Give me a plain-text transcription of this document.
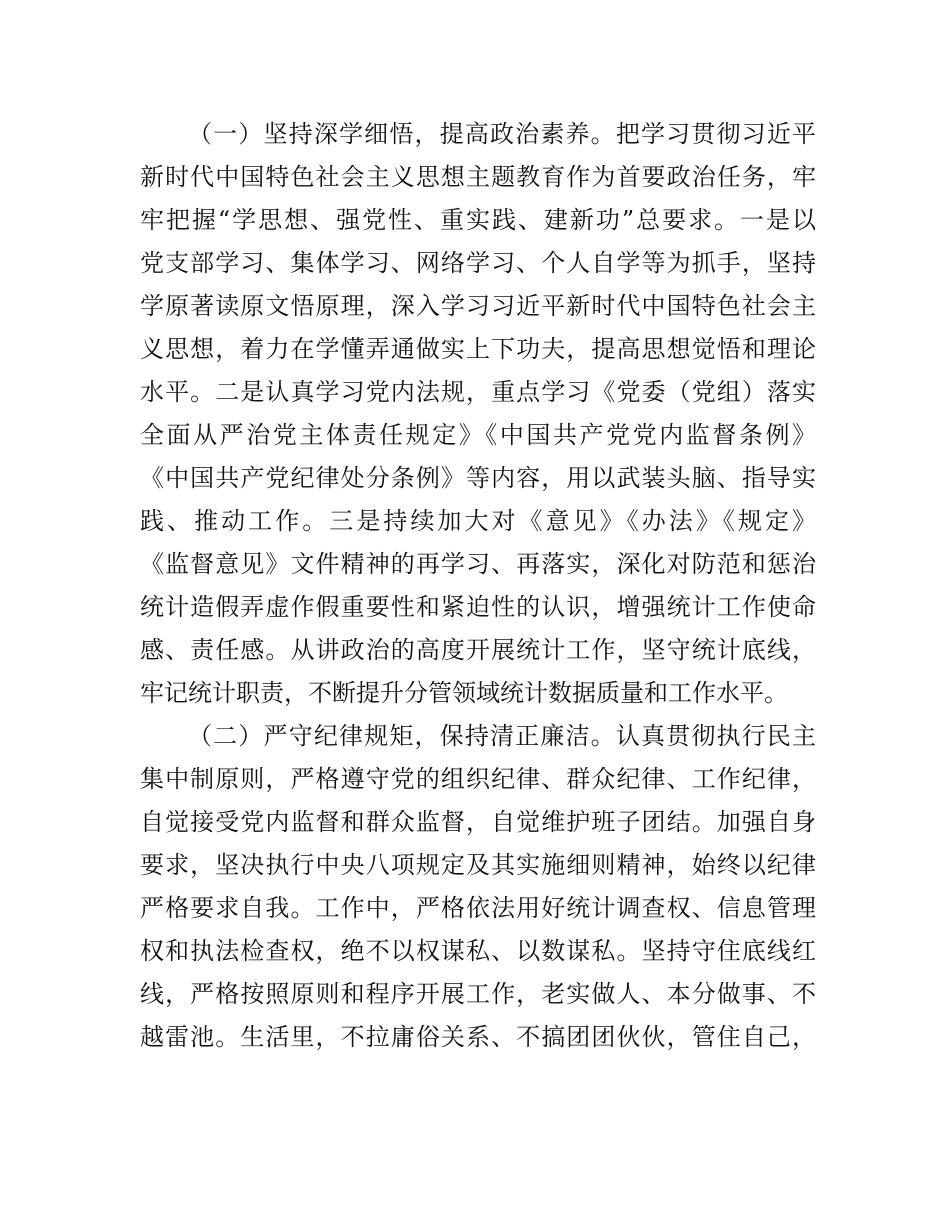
（一）坚持深学细悟，提高政治素养。把学习贯彻习近平
新时代中国特色社会主义思想主题教育作为首要政治任务，牢
牢把握“学思想、强党性、重实践、建新功”总要求。一是以
党支部学习、集体学习、网络学习、个人自学等为抓手，坚持
学原著读原文悟原理，深入学习习近平新时代中国特色社会主
义思想，着力在学懂弄通做实上下功夫，提高思想觉悟和理论
水平。二是认真学习党内法规，重点学习《党委（党组）落实
全面从严治党主体责任规定》《中国共产党党内监督条例》
《中国共产党纪律处分条例》等内容，用以武装头脑、指导实
践、推动工作。三是持续加大对《意见》《办法》《规定》
《监督意见》文件精神的再学习、再落实，深化对防范和惩治
统计造假弄虚作假重要性和紧迫性的认识，增强统计工作使命
感、责任感。从讲政治的高度开展统计工作，坚守统计底线，
牢记统计职责，不断提升分管领域统计数据质量和工作水平。
（二）严守纪律规矩，保持清正廉洁。认真贯彻执行民主
集中制原则，严格遵守党的组织纪律、群众纪律、工作纪律，
自觉接受党内监督和群众监督，自觉维护班子团结。加强自身
要求，坚决执行中央八项规定及其实施细则精神，始终以纪律
严格要求自我。工作中，严格依法用好统计调查权、信息管理
权和执法检查权，绝不以权谋私、以数谋私。坚持守住底线红
线，严格按照原则和程序开展工作，老实做人、本分做事、不
越雷池。生活里，不拉庸俗关系、不搞团团伙伙，管住自己，
